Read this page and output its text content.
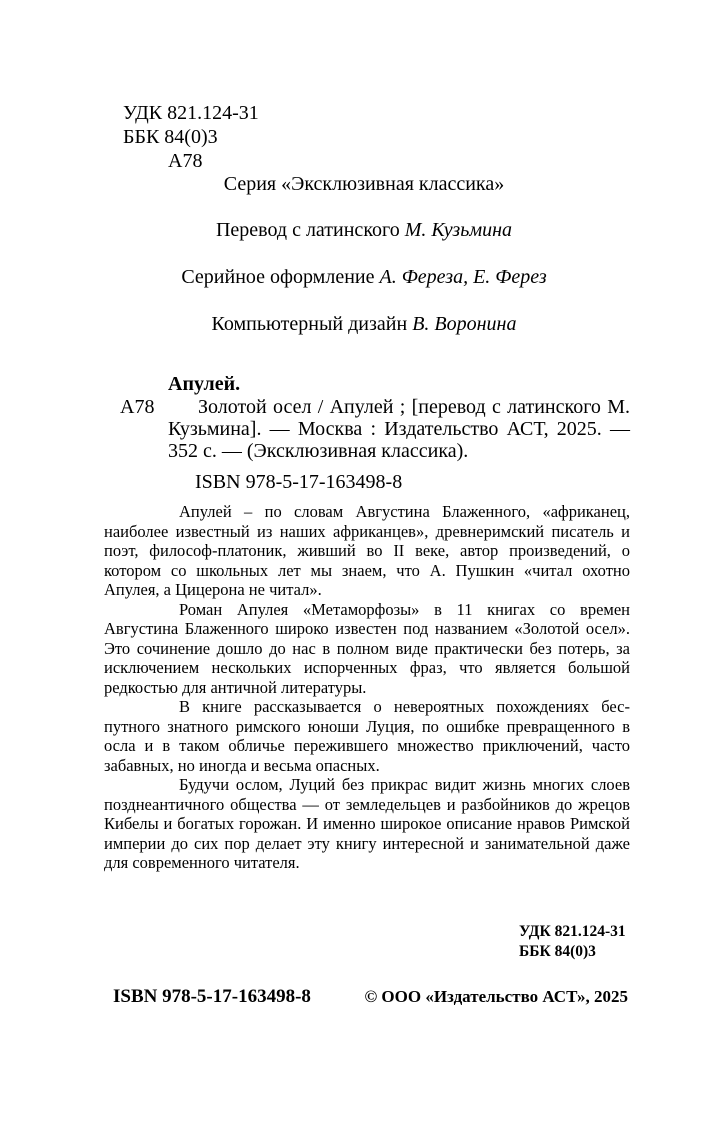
УДК 821.124-31
ББК 84(0)3
А78
Серия «Эксклюзивная классика»
Перевод с латинского М. Кузьмина
Серийное оформление А. Фереза, Е. Ферез
Компьютерный дизайн В. Воронина
Апулей.
А78	Золотой осел / Апулей ; [перевод с латинского М. Кузьмина]. — Москва : Издательство АСТ, 2025. — 352 с. — (Эксклюзивная классика).
ISBN 978-5-17-163498-8

Апулей – по словам Августина Блаженного, «африканец, наиболее известный из наших африканцев», древнеримский писатель и поэт, философ-платоник, живший во II веке, автор произведений, о котором со школьных лет мы знаем, что А. Пушкин «читал охотно Апулея, а Цицерона не читал».

Роман Апулея «Метаморфозы» в 11 книгах со времен Августина Блаженного широко известен под названием «Золотой осел». Это сочинение дошло до нас в полном виде практически без потерь, за исключением нескольких испорченных фраз, что является большой редкостью для античной литературы.

В книге рассказывается о невероятных похождениях беспутного знатного римского юноши Луция, по ошибке превращенного в осла и в таком обличье пережившего множество приключений, часто забавных, но иногда и весьма опасных.

Будучи ослом, Луций без прикрас видит жизнь многих слоев позднеантичного общества — от земледельцев и разбойников до жрецов Кибелы и богатых горожан. И именно широкое описание нравов Римской империи до сих пор делает эту книгу интересной и занимательной даже для современного читателя.

УДК 821.124-31
ББК 84(0)3
ISBN 978-5-17-163498-8	© ООО «Издательство АСТ», 2025
